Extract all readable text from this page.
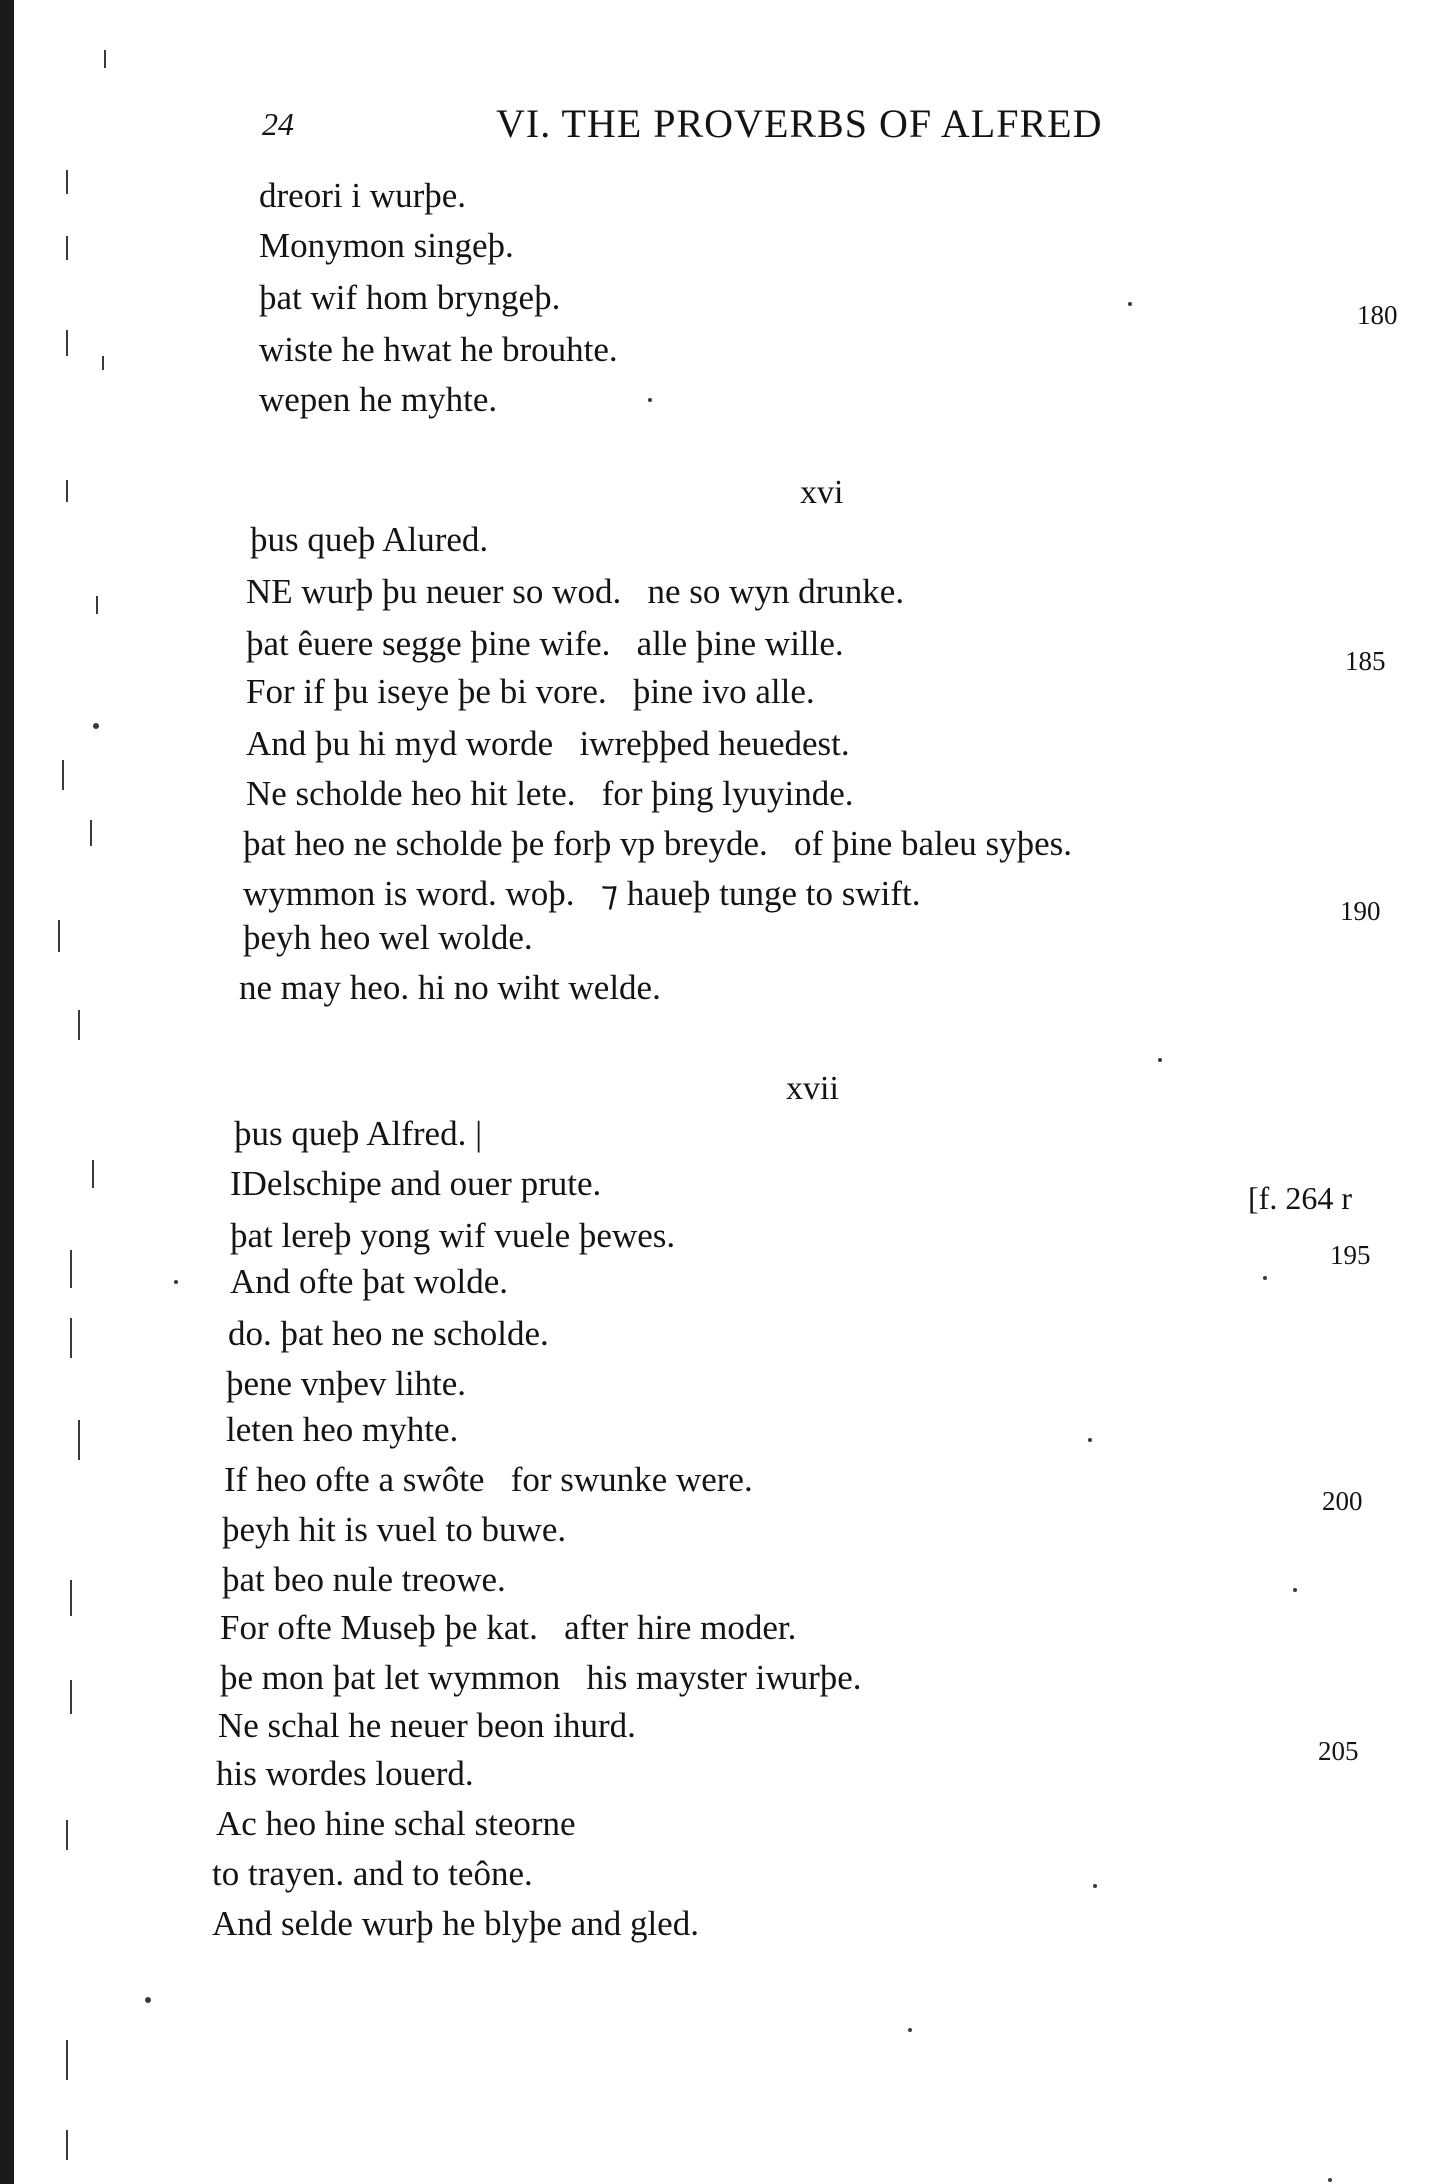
24	VI. THE PROVERBS OF ALFRED
dreori i wurþe.
Monymon singeþ.
þat wif hom bryngeþ.
wiste he hwat he brouhte.
wepen he myhte.
180
xvi
þus queþ Alured.
NE wurþ þu neuer so wod.   ne so wyn drunke.
þat êuere segge þine wife.   alle þine wille.
For if þu iseye þe bi vore.   þine ivo alle.
And þu hi myd worde   iwreþþed heuedest.
Ne scholde heo hit lete.   for þing lyuyinde.
þat heo ne scholde þe forþ vp breyde.   of þine baleu syþes.
wymmon is word. woþ.   ⁊ haueþ tunge to swift.
þeyh heo wel wolde.
ne may heo. hi no wiht welde.
185
190
xvii
þus queþ Alfred. |
IDelschipe and ouer prute.
þat lereþ yong wif vuele þewes.
And ofte þat wolde.
do. þat heo ne scholde.
þene vnþev lihte.
leten heo myhte.
If heo ofte a swôte   for swunke were.
þeyh hit is vuel to buwe.
þat beo nule treowe.
For ofte Museþ þe kat.   after hire moder.
þe mon þat let wymmon   his mayster iwurþe.
Ne schal he neuer beon ihurd.
his wordes louerd.
Ac heo hine schal steorne
to trayen. and to teône.
And selde wurþ he blyþe and gled.
[f. 264 r
195
200
205
